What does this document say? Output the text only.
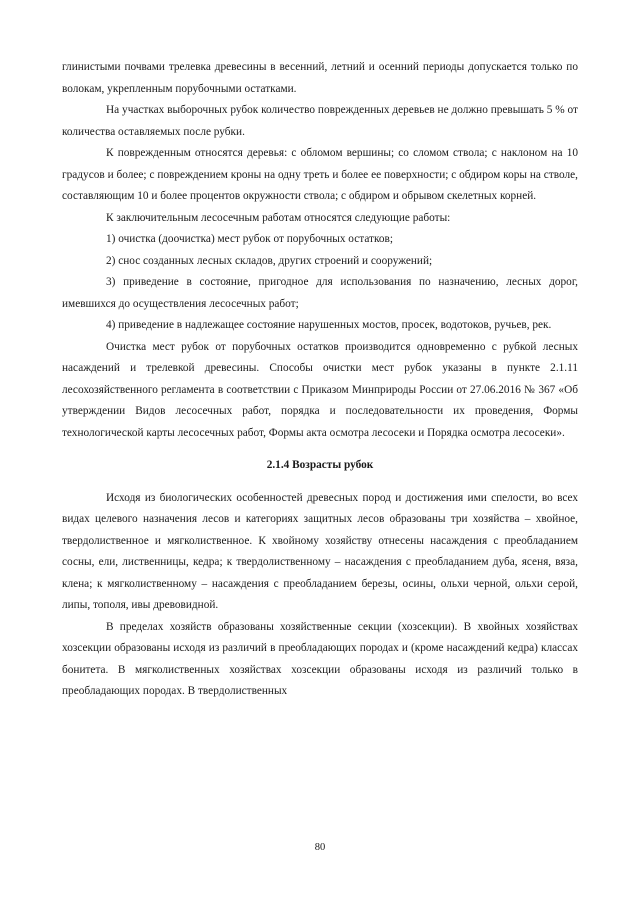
глинистыми почвами трелевка древесины в весенний, летний и осенний периоды допускается только по волокам, укрепленным порубочными остатками.

На участках выборочных рубок количество поврежденных деревьев не должно превышать 5 % от количества оставляемых после рубки.

К поврежденным относятся деревья: с обломом вершины; со сломом ствола; с наклоном на 10 градусов и более; с повреждением кроны на одну треть и более ее поверхности; с обдиром коры на стволе, составляющим 10 и более процентов окружности ствола; с обдиром и обрывом скелетных корней.

К заключительным лесосечным работам относятся следующие работы:

1) очистка (доочистка) мест рубок от порубочных остатков;

2) снос созданных лесных складов, других строений и сооружений;

3) приведение в состояние, пригодное для использования по назначению, лесных дорог, имевшихся до осуществления лесосечных работ;

4) приведение в надлежащее состояние нарушенных мостов, просек, водотоков, ручьев, рек.

Очистка мест рубок от порубочных остатков производится одновременно с рубкой лесных насаждений и трелевкой древесины. Способы очистки мест рубок указаны в пункте 2.1.11 лесохозяйственного регламента в соответствии с Приказом Минприроды России от 27.06.2016 № 367 «Об утверждении Видов лесосечных работ, порядка и последовательности их проведения, Формы технологической карты лесосечных работ, Формы акта осмотра лесосеки и Порядка осмотра лесосеки».

2.1.4 Возрасты рубок

Исходя из биологических особенностей древесных пород и достижения ими спелости, во всех видах целевого назначения лесов и категориях защитных лесов образованы три хозяйства – хвойное, твердолиственное и мягколиственное. К хвойному хозяйству отнесены насаждения с преобладанием сосны, ели, лиственницы, кедра; к твердолиственному – насаждения с преобладанием дуба, ясеня, вяза, клена; к мягколиственному – насаждения с преобладанием березы, осины, ольхи черной, ольхи серой, липы, тополя, ивы древовидной.

В пределах хозяйств образованы хозяйственные секции (хозсекции). В хвойных хозяйствах хозсекции образованы исходя из различий в преобладающих породах и (кроме насаждений кедра) классах бонитета. В мягколиственных хозяйствах хозсекции образованы исходя из различий только в преобладающих породах. В твердолиственных

80
